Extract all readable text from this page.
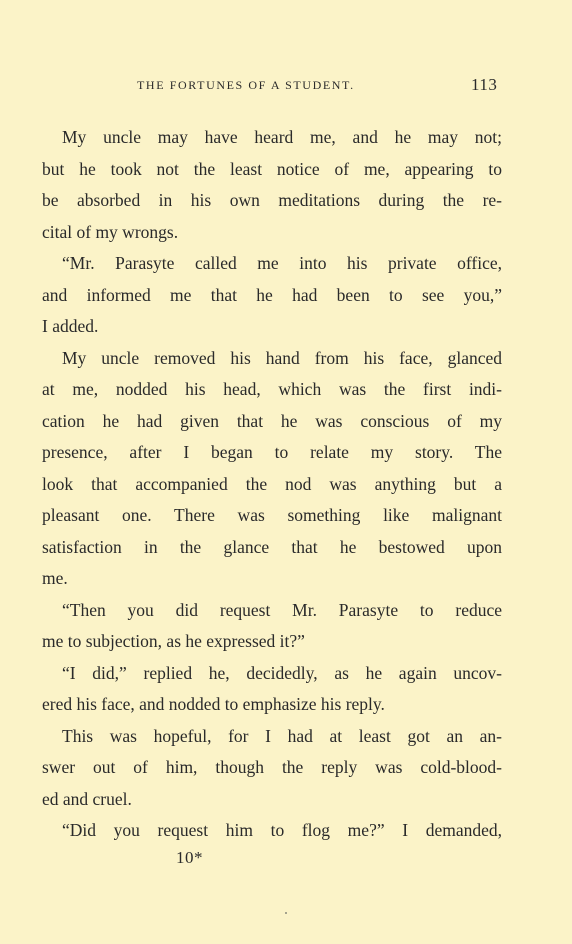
THE FORTUNES OF A STUDENT.	113
My uncle may have heard me, and he may not;
but he took not the least notice of me, appearing to
be absorbed in his own meditations during the re-
cital of my wrongs.
“Mr. Parasyte called me into his private office,
and informed me that he had been to see you,”
I added.
My uncle removed his hand from his face, glanced
at me, nodded his head, which was the first indi-
cation he had given that he was conscious of my
presence, after I began to relate my story. The
look that accompanied the nod was anything but a
pleasant one. There was something like malignant
satisfaction in the glance that he bestowed upon
me.
“Then you did request Mr. Parasyte to reduce
me to subjection, as he expressed it?”
“I did,” replied he, decidedly, as he again uncov-
ered his face, and nodded to emphasize his reply.
This was hopeful, for I had at least got an an-
swer out of him, though the reply was cold-blood-
ed and cruel.
“Did you request him to flog me?” I demanded,
10*
